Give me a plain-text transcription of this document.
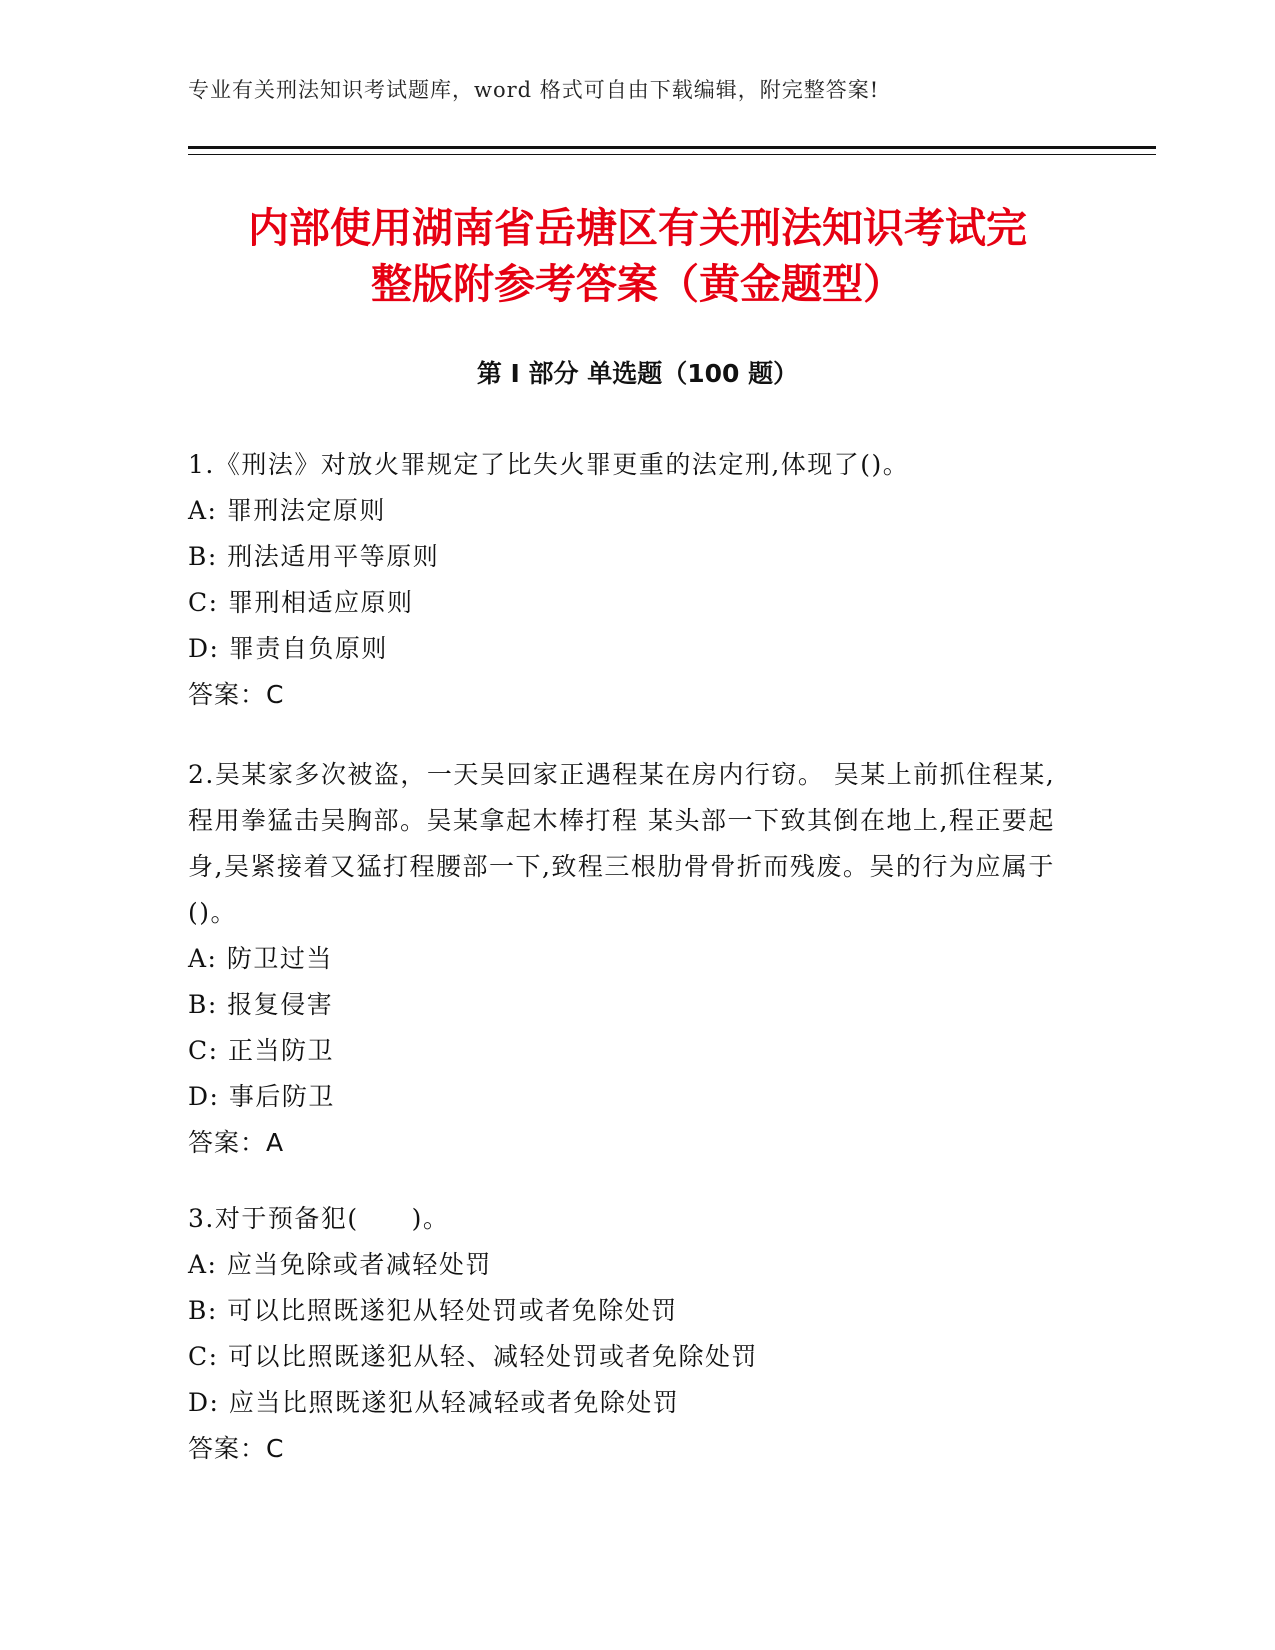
专业有关刑法知识考试题库，word 格式可自由下载编辑，附完整答案!
内部使用湖南省岳塘区有关刑法知识考试完
整版附参考答案（黄金题型）
第 I 部分 单选题（100 题）

1.《刑法》对放火罪规定了比失火罪更重的法定刑,体现了()。

A: 罪刑法定原则

B: 刑法适用平等原则

C: 罪刑相适应原则

D: 罪责自负原则

答案：C

2.吴某家多次被盗，一天吴回家正遇程某在房内行窃。 吴某上前抓住程某,程用拳猛击吴胸部。吴某拿起木棒打程 某头部一下致其倒在地上,程正要起身,吴紧接着又猛打程腰部一下,致程三根肋骨骨折而残废。吴的行为应属于()。

A: 防卫过当

B: 报复侵害

C: 正当防卫

D: 事后防卫

答案：A

3.对于预备犯(　　)。

A: 应当免除或者减轻处罚

B: 可以比照既遂犯从轻处罚或者免除处罚

C: 可以比照既遂犯从轻、减轻处罚或者免除处罚

D: 应当比照既遂犯从轻减轻或者免除处罚

答案：C
